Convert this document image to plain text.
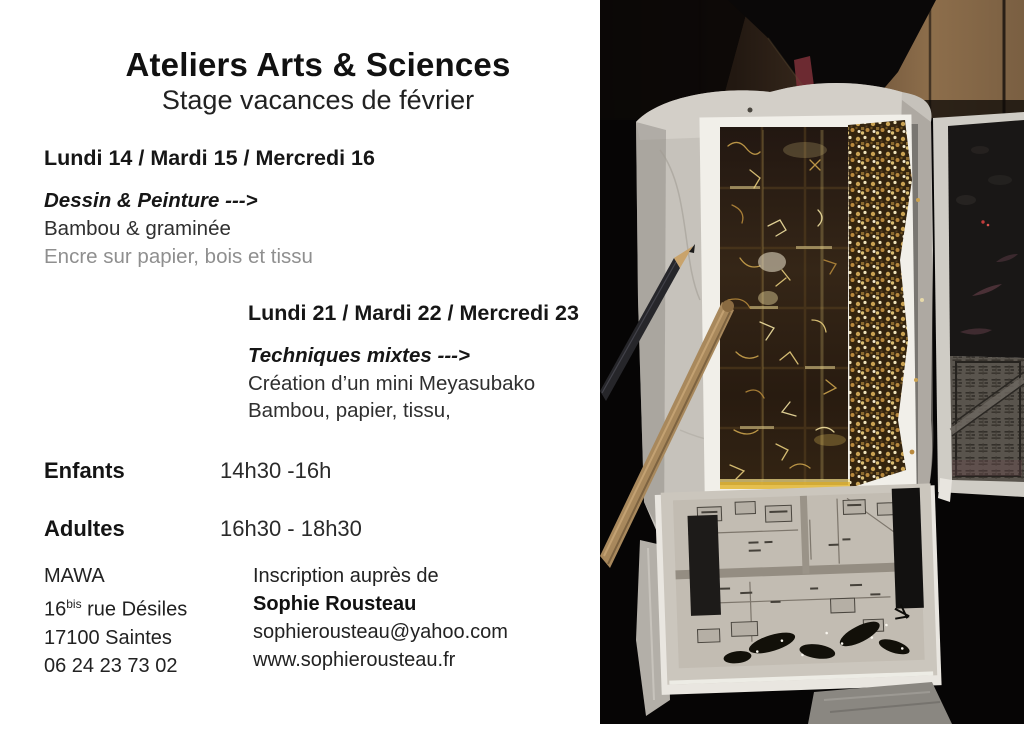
Ateliers Arts & Sciences
Stage vacances de février
Lundi 14 / Mardi 15 / Mercredi 16
Dessin & Peinture --->
Bambou & graminée
Encre sur papier, bois et tissu
Lundi 21 / Mardi 22 / Mercredi 23
Techniques mixtes --->
Création d’un mini Meyasubako
Bambou, papier, tissu,
Enfants	14h30 -16h
Adultes	16h30 - 18h30
MAWA
$16^{bis}$ rue Désiles
17100 Saintes
06 24 23 73 02
Inscription auprès de
Sophie Rousteau
sophierousteau@yahoo.com
www.sophierousteau.fr
